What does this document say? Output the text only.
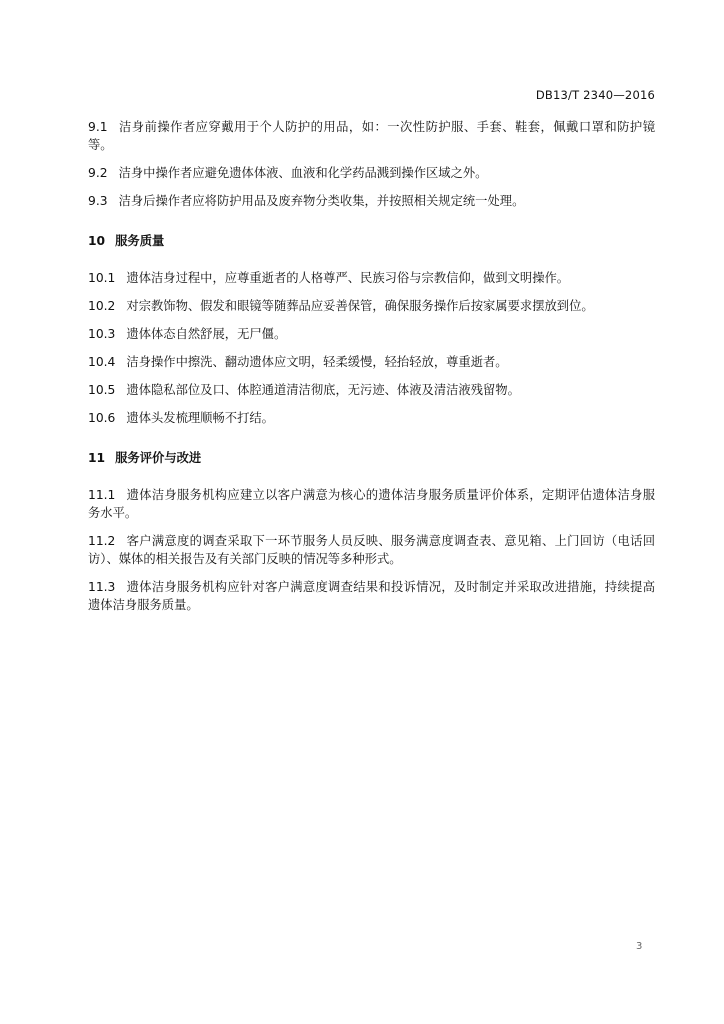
DB13/T 2340—2016
9.1 洁身前操作者应穿戴用于个人防护的用品，如：一次性防护服、手套、鞋套，佩戴口罩和防护镜
等。
9.2 洁身中操作者应避免遗体体液、血液和化学药品溅到操作区域之外。
9.3 洁身后操作者应将防护用品及废弃物分类收集，并按照相关规定统一处理。
10 服务质量
10.1 遗体洁身过程中，应尊重逝者的人格尊严、民族习俗与宗教信仰，做到文明操作。
10.2 对宗教饰物、假发和眼镜等随葬品应妥善保管，确保服务操作后按家属要求摆放到位。
10.3 遗体体态自然舒展，无尸僵。
10.4 洁身操作中擦洗、翻动遗体应文明，轻柔缓慢，轻抬轻放，尊重逝者。
10.5 遗体隐私部位及口、体腔通道清洁彻底，无污迹、体液及清洁液残留物。
10.6 遗体头发梳理顺畅不打结。
11 服务评价与改进
11.1 遗体洁身服务机构应建立以客户满意为核心的遗体洁身服务质量评价体系，定期评估遗体洁身服
务水平。
11.2 客户满意度的调查采取下一环节服务人员反映、服务满意度调查表、意见箱、上门回访（电话回
访）、媒体的相关报告及有关部门反映的情况等多种形式。
11.3 遗体洁身服务机构应针对客户满意度调查结果和投诉情况，及时制定并采取改进措施，持续提高
遗体洁身服务质量。
3
